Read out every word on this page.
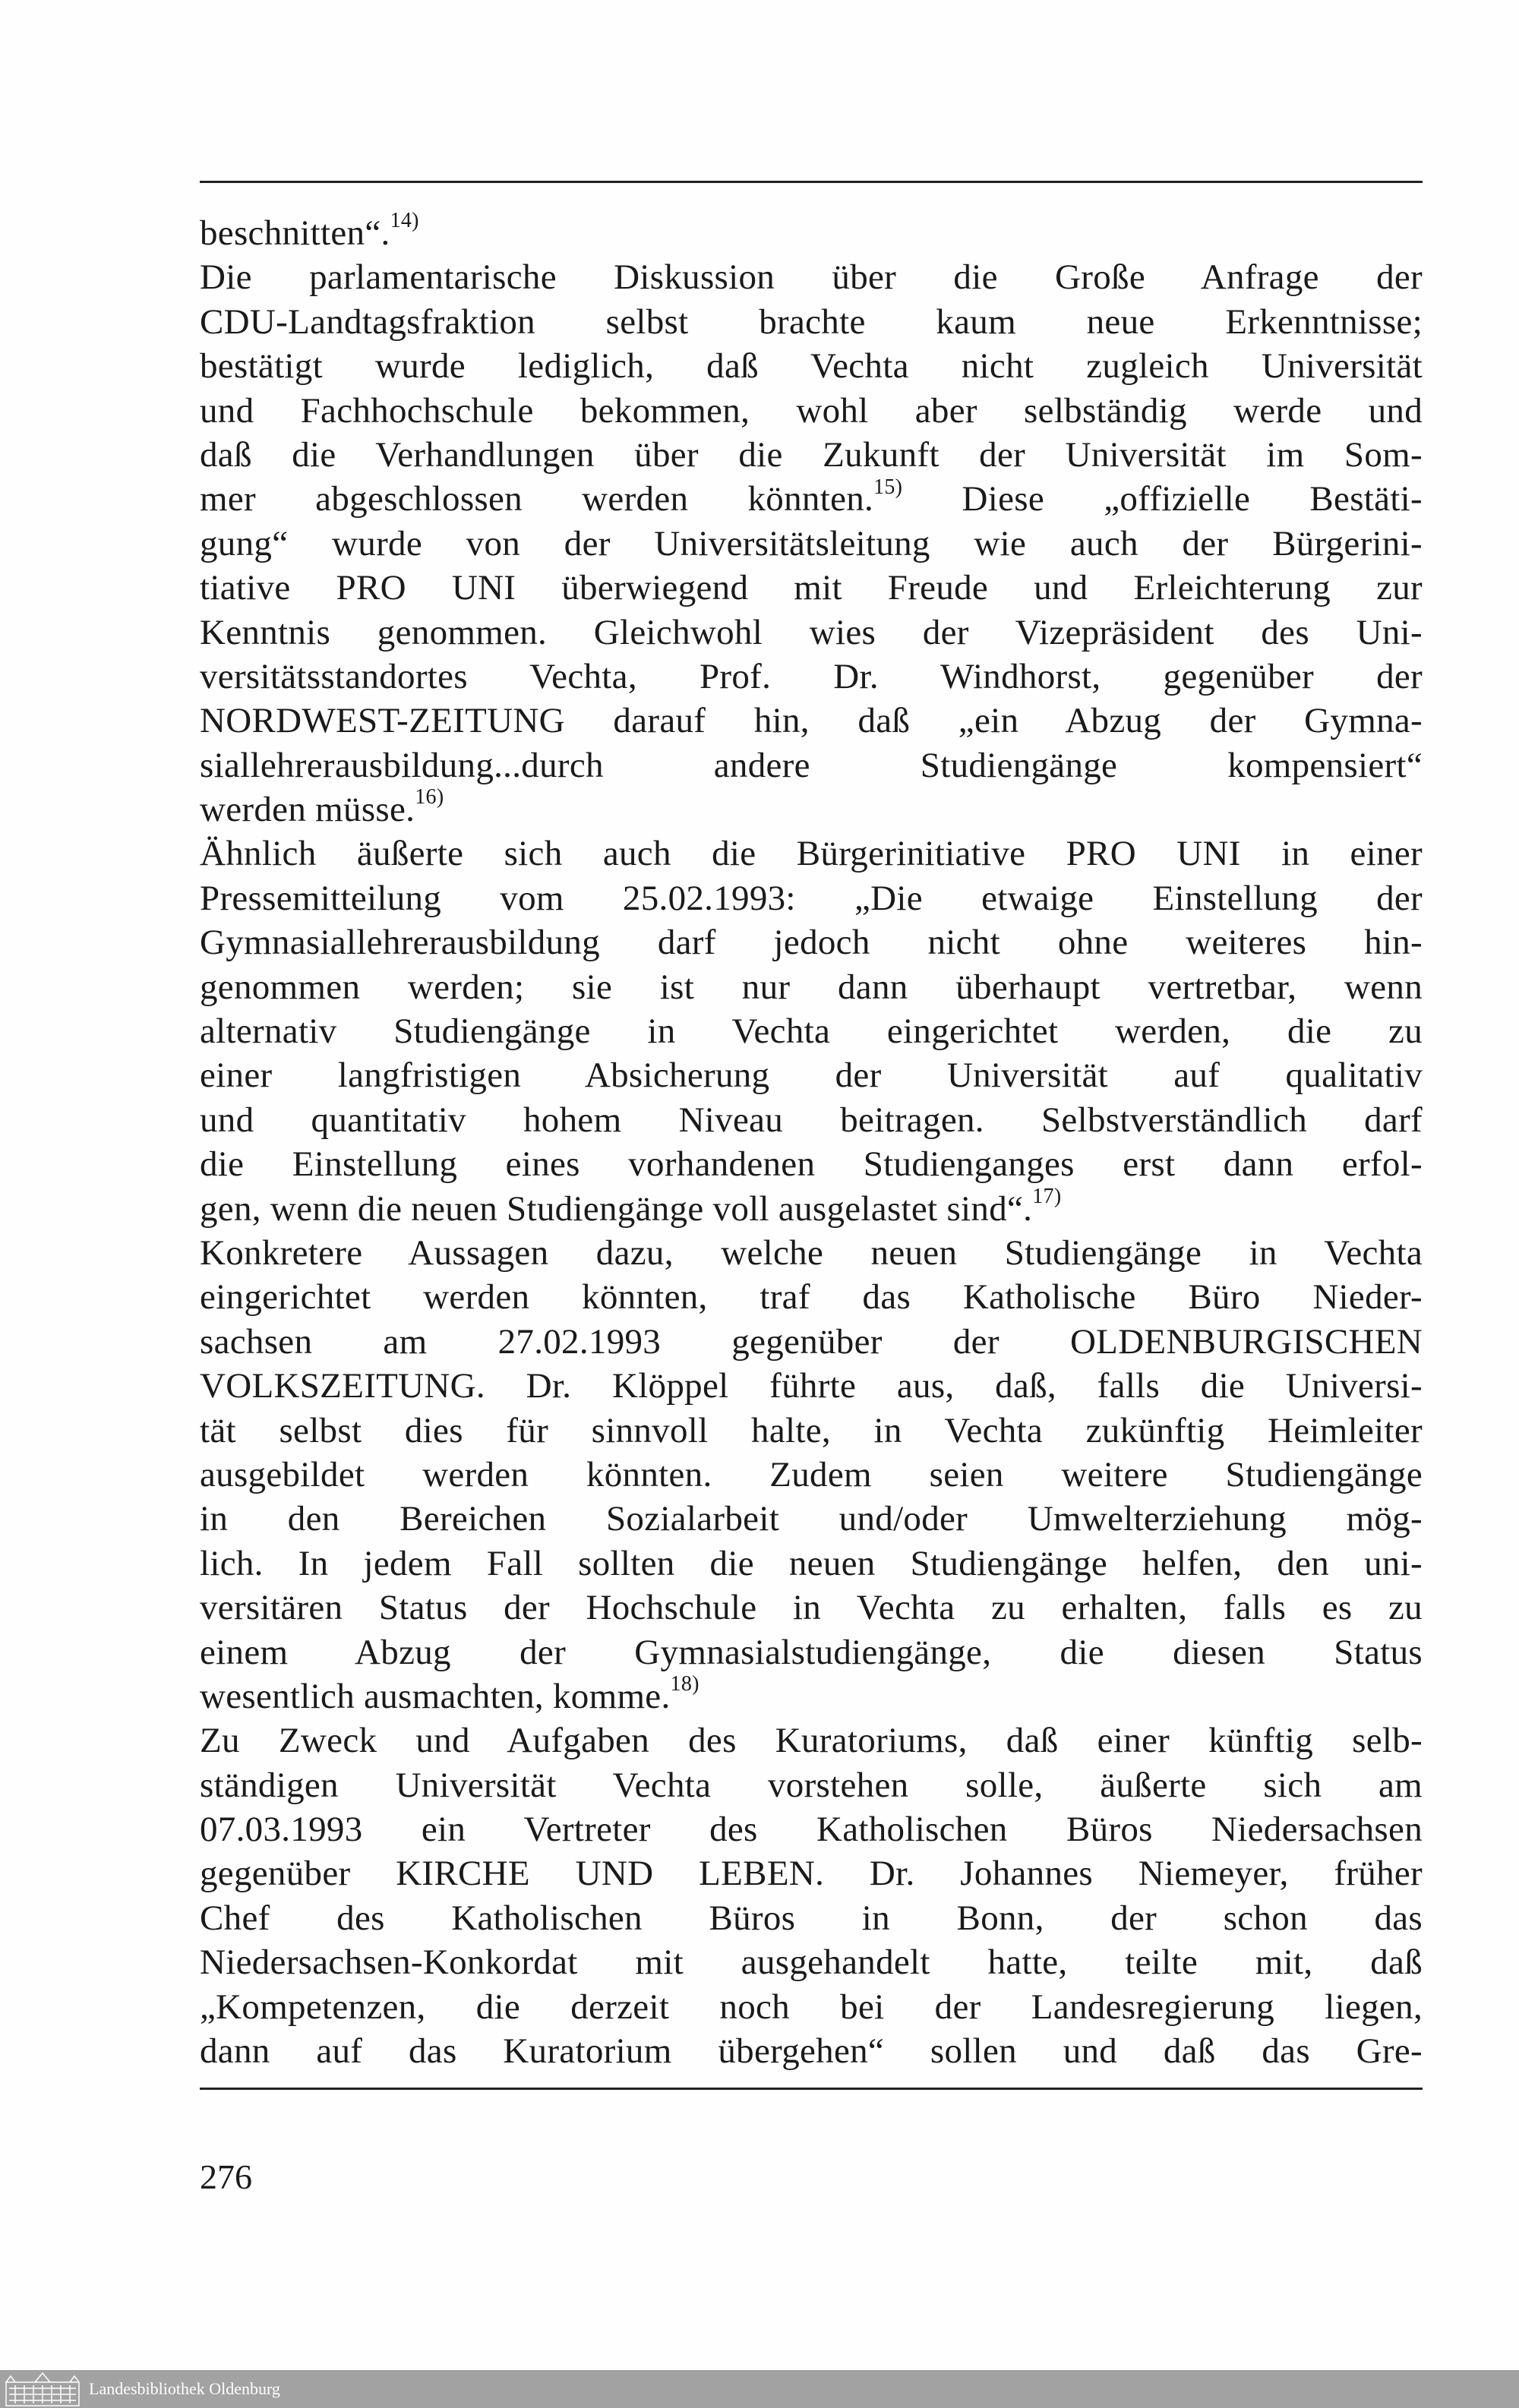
beschnitten“.$^{14)}$
Die parlamentarische Diskussion über die Große Anfrage der
CDU-Landtagsfraktion selbst brachte kaum neue Erkenntnisse;
bestätigt wurde lediglich, daß Vechta nicht zugleich Universität
und Fachhochschule bekommen, wohl aber selbständig werde und
daß die Verhandlungen über die Zukunft der Universität im Som-
mer abgeschlossen werden könnten.$^{15)}$ Diese „offizielle Bestäti-
gung“ wurde von der Universitätsleitung wie auch der Bürgerini-
tiative PRO UNI überwiegend mit Freude und Erleichterung zur
Kenntnis genommen. Gleichwohl wies der Vizepräsident des Uni-
versitätsstandortes Vechta, Prof. Dr. Windhorst, gegenüber der
NORDWEST-ZEITUNG darauf hin, daß „ein Abzug der Gymna-
siallehrerausbildung...durch andere Studiengänge kompensiert“
werden müsse.$^{16)}$
Ähnlich äußerte sich auch die Bürgerinitiative PRO UNI in einer
Pressemitteilung vom 25.02.1993: „Die etwaige Einstellung der
Gymnasiallehrerausbildung darf jedoch nicht ohne weiteres hin-
genommen werden; sie ist nur dann überhaupt vertretbar, wenn
alternativ Studiengänge in Vechta eingerichtet werden, die zu
einer langfristigen Absicherung der Universität auf qualitativ
und quantitativ hohem Niveau beitragen. Selbstverständlich darf
die Einstellung eines vorhandenen Studienganges erst dann erfol-
gen, wenn die neuen Studiengänge voll ausgelastet sind“.$^{17)}$
Konkretere Aussagen dazu, welche neuen Studiengänge in Vechta
eingerichtet werden könnten, traf das Katholische Büro Nieder-
sachsen am 27.02.1993 gegenüber der OLDENBURGISCHEN
VOLKSZEITUNG. Dr. Klöppel führte aus, daß, falls die Universi-
tät selbst dies für sinnvoll halte, in Vechta zukünftig Heimleiter
ausgebildet werden könnten. Zudem seien weitere Studiengänge
in den Bereichen Sozialarbeit und/oder Umwelterziehung mög-
lich. In jedem Fall sollten die neuen Studiengänge helfen, den uni-
versitären Status der Hochschule in Vechta zu erhalten, falls es zu
einem Abzug der Gymnasialstudiengänge, die diesen Status
wesentlich ausmachten, komme.$^{18)}$
Zu Zweck und Aufgaben des Kuratoriums, daß einer künftig selb-
ständigen Universität Vechta vorstehen solle, äußerte sich am
07.03.1993 ein Vertreter des Katholischen Büros Niedersachsen
gegenüber KIRCHE UND LEBEN. Dr. Johannes Niemeyer, früher
Chef des Katholischen Büros in Bonn, der schon das
Niedersachsen-Konkordat mit ausgehandelt hatte, teilte mit, daß
„Kompetenzen, die derzeit noch bei der Landesregierung liegen,
dann auf das Kuratorium übergehen“ sollen und daß das Gre-
276
Landesbibliothek Oldenburg
